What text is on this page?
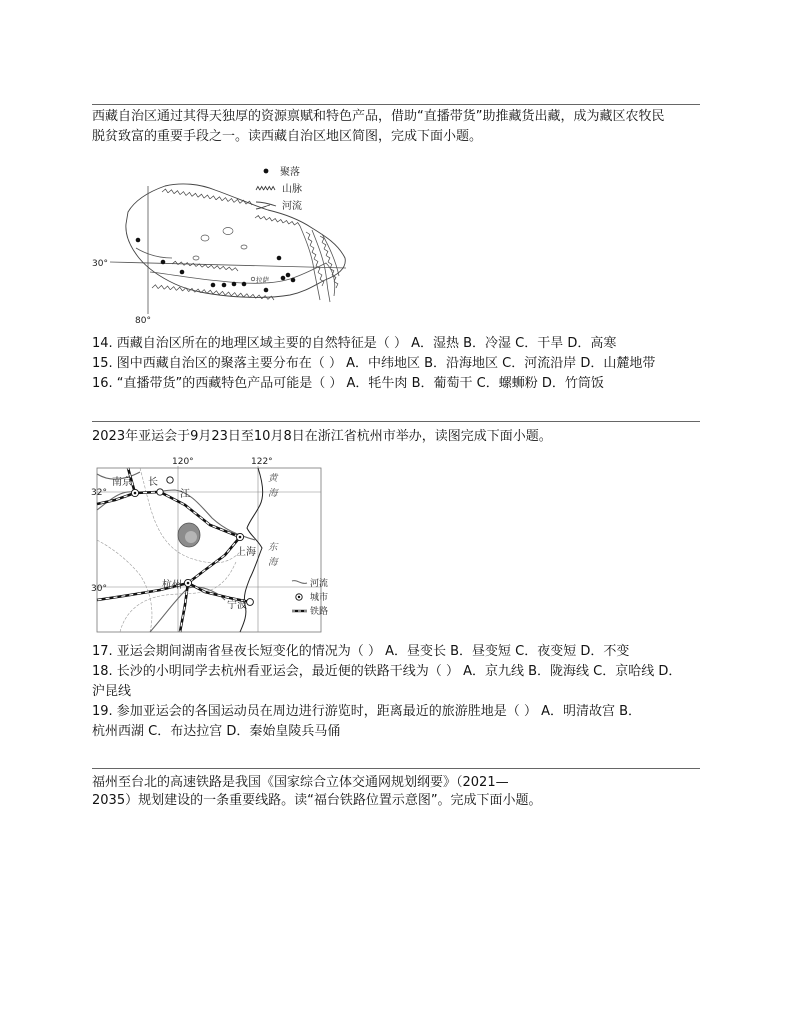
西藏自治区通过其得天独厚的资源禀赋和特色产品，借助“直播带货”助推藏货出藏，成为藏区农牧民
脱贫致富的重要手段之一。读西藏自治区地区简图，完成下面小题。
聚落
山脉
河流
30°
80°
拉萨
14. 西藏自治区所在的地理区域主要的自然特征是（ ） A．湿热 B．冷湿 C．干旱 D．高寒
15. 图中西藏自治区的聚落主要分布在（ ） A．中纬地区 B．沿海地区 C．河流沿岸 D．山麓地带
16. “直播带货”的西藏特色产品可能是（ ） A．牦牛肉 B．葡萄干 C．螺蛳粉 D．竹筒饭
2023年亚运会于9月23日至10月8日在浙江省杭州市举办，读图完成下面小题。
120°	122°
32°
30°
南京 长
江
上海
杭州
宁波
黄
海
东
海
河流
城市
铁路
17. 亚运会期间湖南省昼夜长短变化的情况为（ ） A．昼变长 B．昼变短 C．夜变短 D．不变
18. 长沙的小明同学去杭州看亚运会，最近便的铁路干线为（ ） A．京九线 B．陇海线 C．京哈线 D．
沪昆线
19. 参加亚运会的各国运动员在周边进行游览时，距离最近的旅游胜地是（ ） A．明清故宫 B．
杭州西湖 C．布达拉宫 D．秦始皇陵兵马俑
福州至台北的高速铁路是我国《国家综合立体交通网规划纲要》（2021—
2035）规划建设的一条重要线路。读“福台铁路位置示意图”。完成下面小题。
